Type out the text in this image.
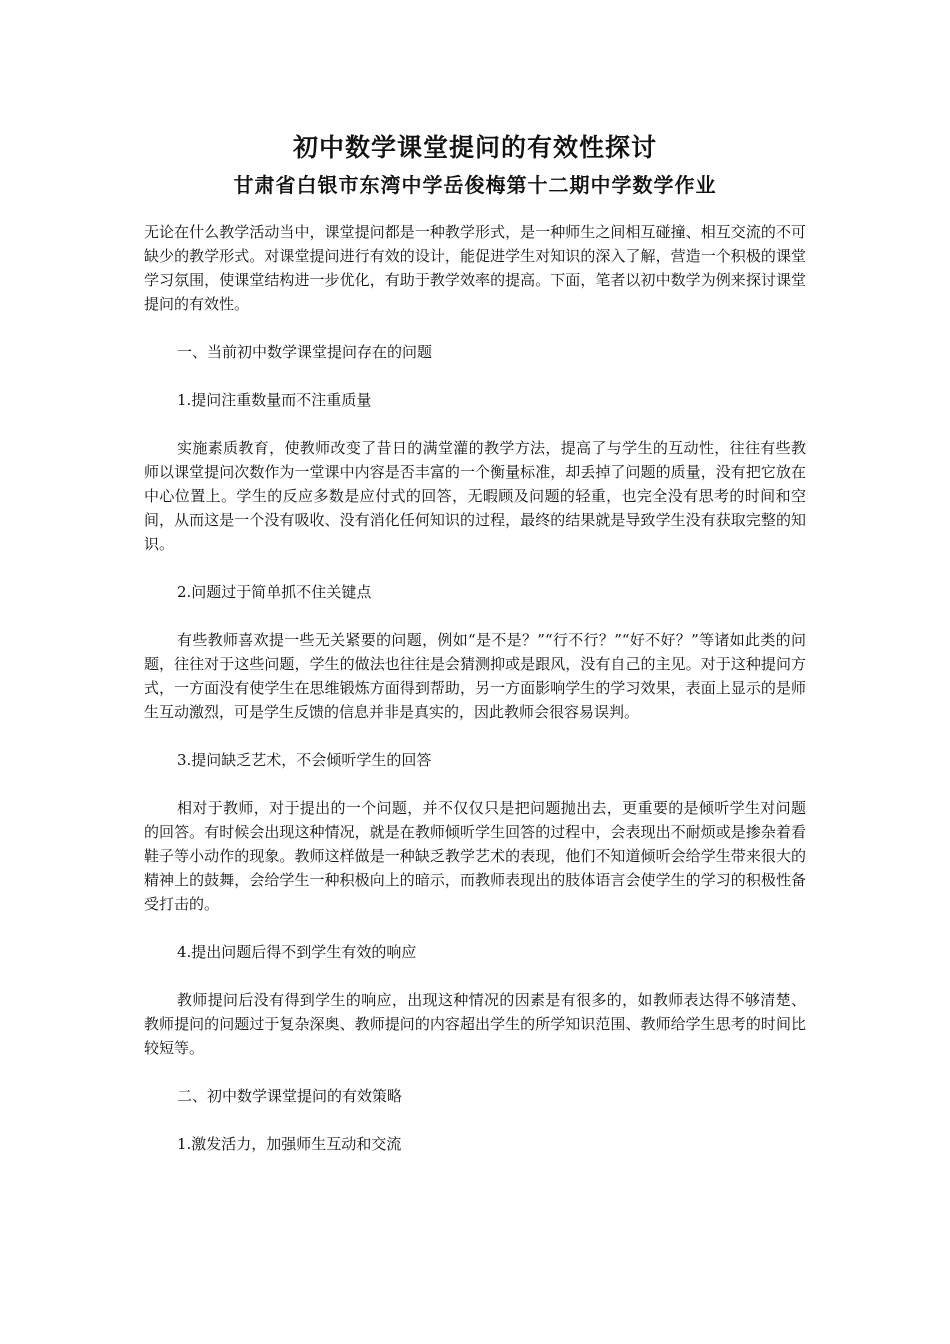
初中数学课堂提问的有效性探讨
甘肃省白银市东湾中学岳俊梅第十二期中学数学作业

无论在什么教学活动当中，课堂提问都是一种教学形式，是一种师生之间相互碰撞、相互交流的不可缺少的教学形式。对课堂提问进行有效的设计，能促进学生对知识的深入了解，营造一个积极的课堂学习氛围，使课堂结构进一步优化，有助于教学效率的提高。下面，笔者以初中数学为例来探讨课堂提问的有效性。

一、当前初中数学课堂提问存在的问题

1.提问注重数量而不注重质量

实施素质教育，使教师改变了昔日的满堂灌的教学方法，提高了与学生的互动性，往往有些教师以课堂提问次数作为一堂课中内容是否丰富的一个衡量标准，却丢掉了问题的质量，没有把它放在中心位置上。学生的反应多数是应付式的回答，无暇顾及问题的轻重，也完全没有思考的时间和空间，从而这是一个没有吸收、没有消化任何知识的过程，最终的结果就是导致学生没有获取完整的知识。

2.问题过于简单抓不住关键点

有些教师喜欢提一些无关紧要的问题，例如“是不是？”“行不行？”“好不好？”等诸如此类的问题，往往对于这些问题，学生的做法也往往是会猜测抑或是跟风，没有自己的主见。对于这种提问方式，一方面没有使学生在思维锻炼方面得到帮助，另一方面影响学生的学习效果，表面上显示的是师生互动激烈，可是学生反馈的信息并非是真实的，因此教师会很容易误判。

3.提问缺乏艺术，不会倾听学生的回答

相对于教师，对于提出的一个问题，并不仅仅只是把问题抛出去，更重要的是倾听学生对问题的回答。有时候会出现这种情况，就是在教师倾听学生回答的过程中，会表现出不耐烦或是掺杂着看鞋子等小动作的现象。教师这样做是一种缺乏教学艺术的表现，他们不知道倾听会给学生带来很大的精神上的鼓舞，会给学生一种积极向上的暗示，而教师表现出的肢体语言会使学生的学习的积极性备受打击的。

4.提出问题后得不到学生有效的响应

教师提问后没有得到学生的响应，出现这种情况的因素是有很多的，如教师表达得不够清楚、教师提问的问题过于复杂深奥、教师提问的内容超出学生的所学知识范围、教师给学生思考的时间比较短等。

二、初中数学课堂提问的有效策略

1.激发活力，加强师生互动和交流
